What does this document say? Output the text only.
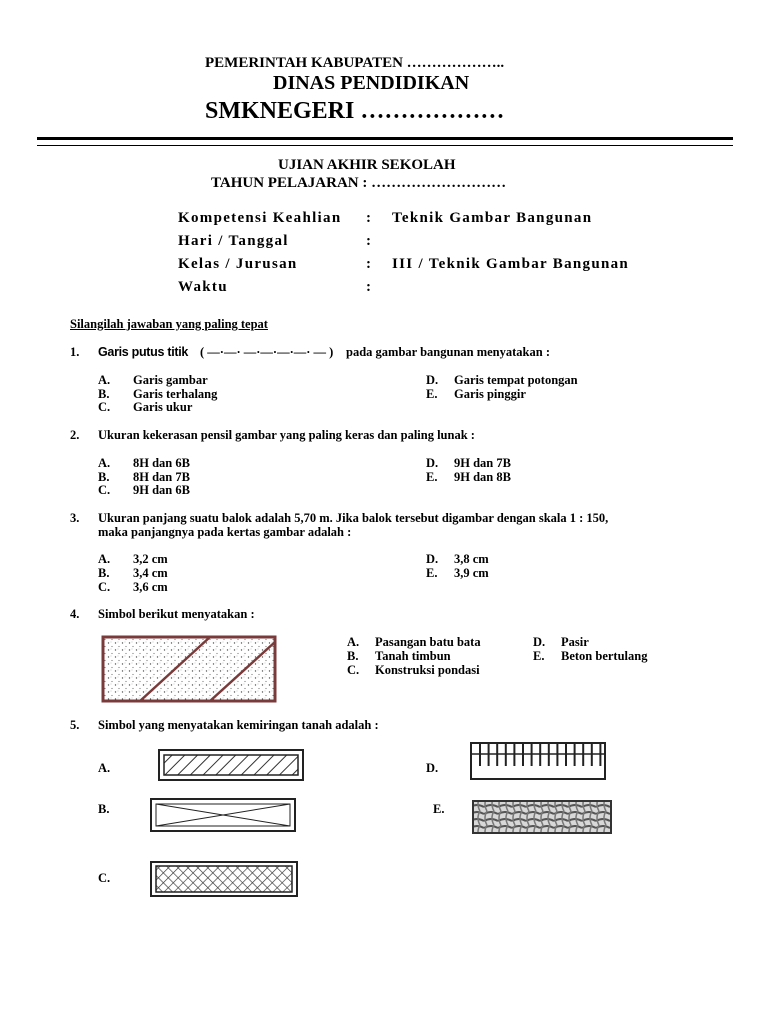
PEMERINTAH KABUPATEN ………………..
DINAS PENDIDIKAN
SMKNEGERI ………………
UJIAN AKHIR SEKOLAH
TAHUN PELAJARAN : ………………………
Kompetensi Keahlian : Teknik Gambar Bangunan
Hari / Tanggal	:
Kelas / Jurusan	: III / Teknik Gambar Bangunan
Waktu	:
Silangilah jawaban yang paling tepat
1. Garis putus titik ( —·—· —·—·—·—· — ) pada gambar bangunan menyatakan :
A. Garis gambar
B. Garis terhalang
C. Garis ukur
D. Garis tempat potongan
E. Garis pinggir
2. Ukuran kekerasan pensil gambar yang paling keras dan paling lunak :
A. 8H dan 6B
B. 8H dan 7B
C. 9H dan 6B
D. 9H dan 7B
E. 9H dan 8B
3. Ukuran panjang suatu balok adalah 5,70 m. Jika balok tersebut digambar dengan skala 1 : 150,
maka panjangnya pada kertas gambar adalah :
A. 3,2 cm
B. 3,4 cm
C. 3,6 cm
D. 3,8 cm
E. 3,9 cm
4. Simbol berikut menyatakan :
A. Pasangan batu bata
B. Tanah timbun
C. Konstruksi pondasi
D. Pasir
E. Beton bertulang
5. Simbol yang menyatakan kemiringan tanah adalah :
A.
B.
C.
D.
E.
